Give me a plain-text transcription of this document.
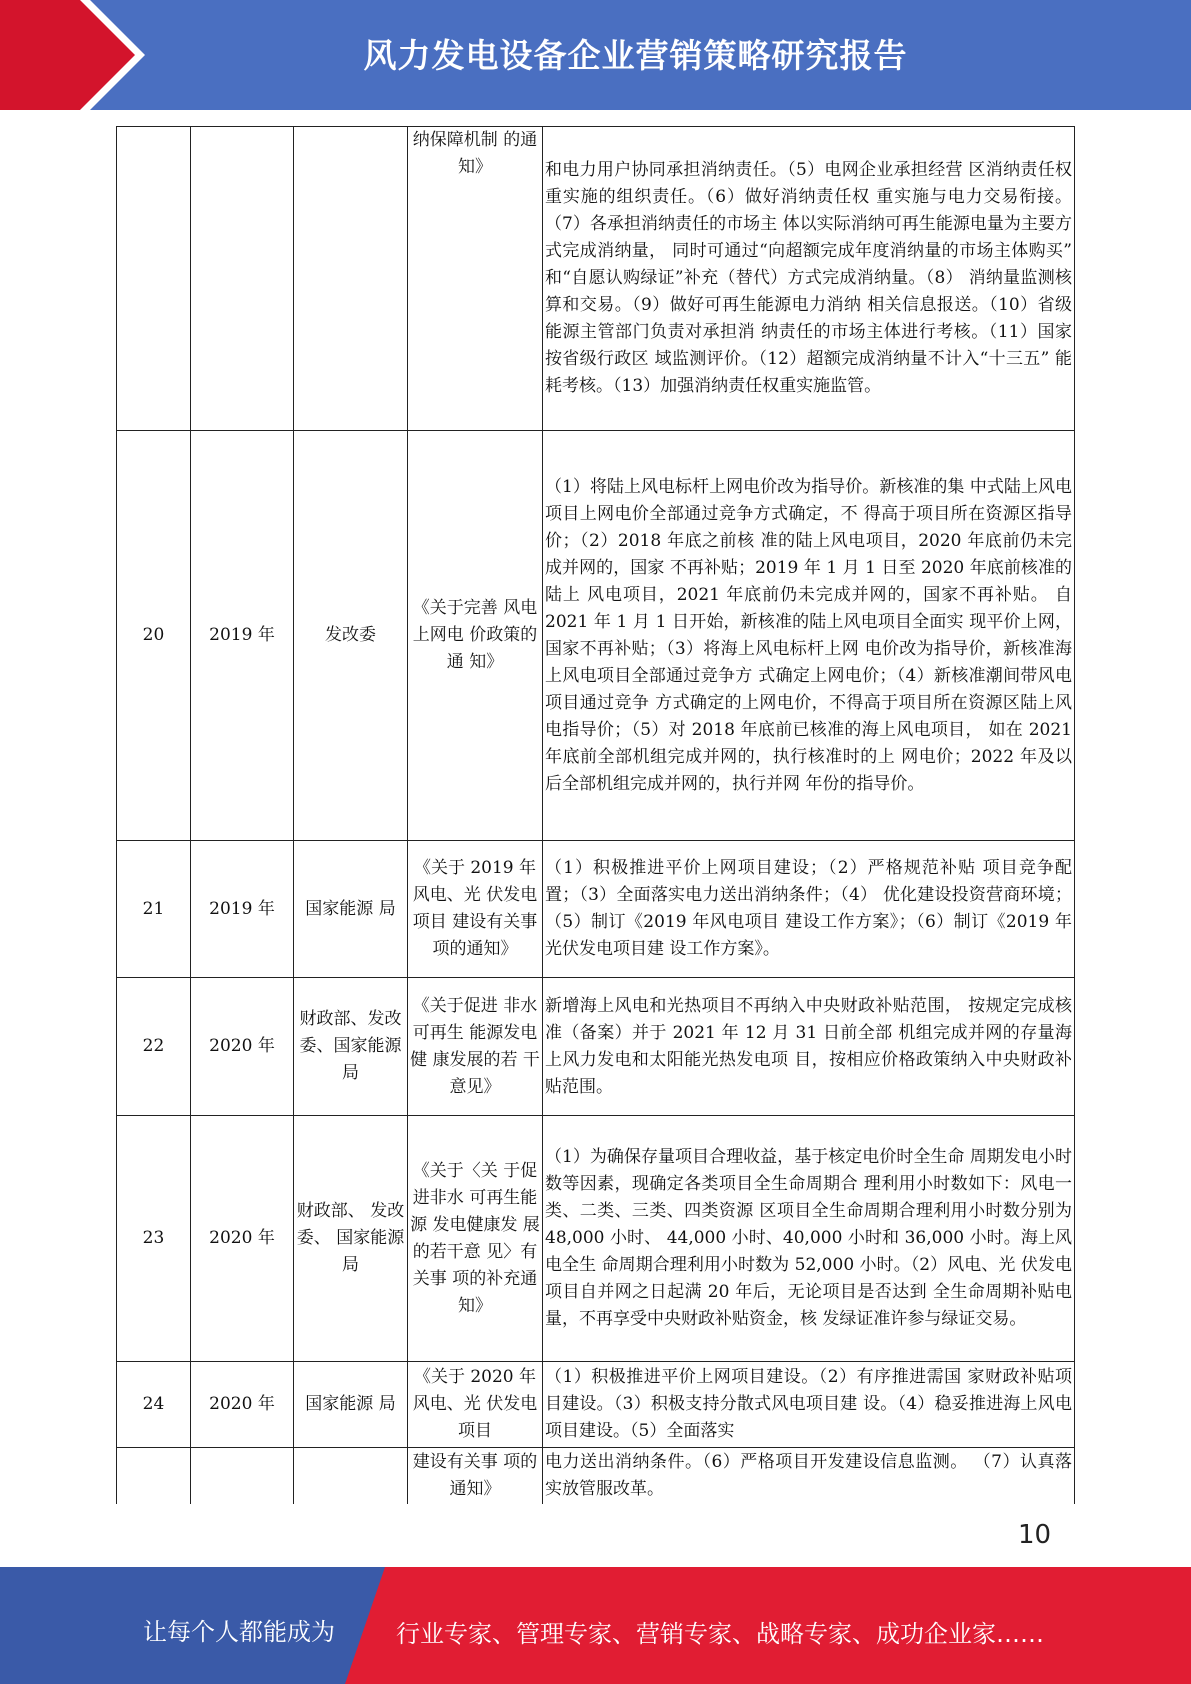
风力发电设备企业营销策略研究报告
			纳保障机制 的通知》	和电力用户协同承担消纳责任。（5）电网企业承担经营 区消纳责任权重实施的组织责任。（6）做好消纳责任权 重实施与电力交易衔接。（7）各承担消纳责任的市场主 体以实际消纳可再生能源电量为主要方式完成消纳量， 同时可通过“向超额完成年度消纳量的市场主体购买” 和“自愿认购绿证”补充（替代）方式完成消纳量。（8） 消纳量监测核算和交易。（9）做好可再生能源电力消纳 相关信息报送。（10）省级能源主管部门负责对承担消 纳责任的市场主体进行考核。（11）国家按省级行政区 域监测评价。（12）超额完成消纳量不计入“十三五” 能耗考核。（13）加强消纳责任权重实施监管。
20	2019 年	发改委	《关于完善 风电上网电 价政策的通 知》	（1）将陆上风电标杆上网电价改为指导价。新核准的集 中式陆上风电项目上网电价全部通过竞争方式确定，不 得高于项目所在资源区指导价；（2）2018 年底之前核 准的陆上风电项目，2020 年底前仍未完成并网的，国家 不再补贴；2019 年 1 月 1 日至 2020 年底前核准的陆上 风电项目，2021 年底前仍未完成并网的，国家不再补贴。 自 2021 年 1 月 1 日开始，新核准的陆上风电项目全面实 现平价上网，国家不再补贴；（3）将海上风电标杆上网 电价改为指导价，新核准海上风电项目全部通过竞争方 式确定上网电价；（4）新核准潮间带风电项目通过竞争 方式确定的上网电价，不得高于项目所在资源区陆上风 电指导价；（5）对 2018 年底前已核准的海上风电项目， 如在 2021 年底前全部机组完成并网的，执行核准时的上 网电价；2022 年及以后全部机组完成并网的，执行并网 年份的指导价。
21	2019 年	国家能源 局	《关于 2019 年风电、光 伏发电项目 建设有关事 项的通知》	（1）积极推进平价上网项目建设；（2）严格规范补贴 项目竞争配置；（3）全面落实电力送出消纳条件；（4） 优化建设投资营商环境；（5）制订《2019 年风电项目 建设工作方案》；（6）制订《2019 年光伏发电项目建 设工作方案》。
22	2020 年	财政部、发改委、国家能源局	《关于促进 非水可再生 能源发电健 康发展的若 干意见》	新增海上风电和光热项目不再纳入中央财政补贴范围， 按规定完成核准（备案）并于 2021 年 12 月 31 日前全部 机组完成并网的存量海上风力发电和太阳能光热发电项 目，按相应价格政策纳入中央财政补贴范围。
23	2020 年	财政部、 发改委、 国家能源 局	《关于〈关 于促进非水 可再生能源 发电健康发 展的若干意 见〉有关事 项的补充通 知》	（1）为确保存量项目合理收益，基于核定电价时全生命 周期发电小时数等因素，现确定各类项目全生命周期合 理利用小时数如下：风电一类、二类、三类、四类资源 区项目全生命周期合理利用小时数分别为 48,000 小时、 44,000 小时、40,000 小时和 36,000 小时。海上风电全生 命周期合理利用小时数为 52,000 小时。（2）风电、光 伏发电项目自并网之日起满 20 年后，无论项目是否达到 全生命周期补贴电量，不再享受中央财政补贴资金，核 发绿证准许参与绿证交易。
24	2020 年	国家能源 局	《关于 2020 年风电、光 伏发电项目	（1）积极推进平价上网项目建设。（2）有序推进需国 家财政补贴项目建设。（3）积极支持分散式风电项目建 设。（4）稳妥推进海上风电项目建设。（5）全面落实
			建设有关事 项的通知》	电力送出消纳条件。（6）严格项目开发建设信息监测。 （7）认真落实放管服改革。
10
让每个人都能成为	行业专家、管理专家、营销专家、战略专家、成功企业家……
